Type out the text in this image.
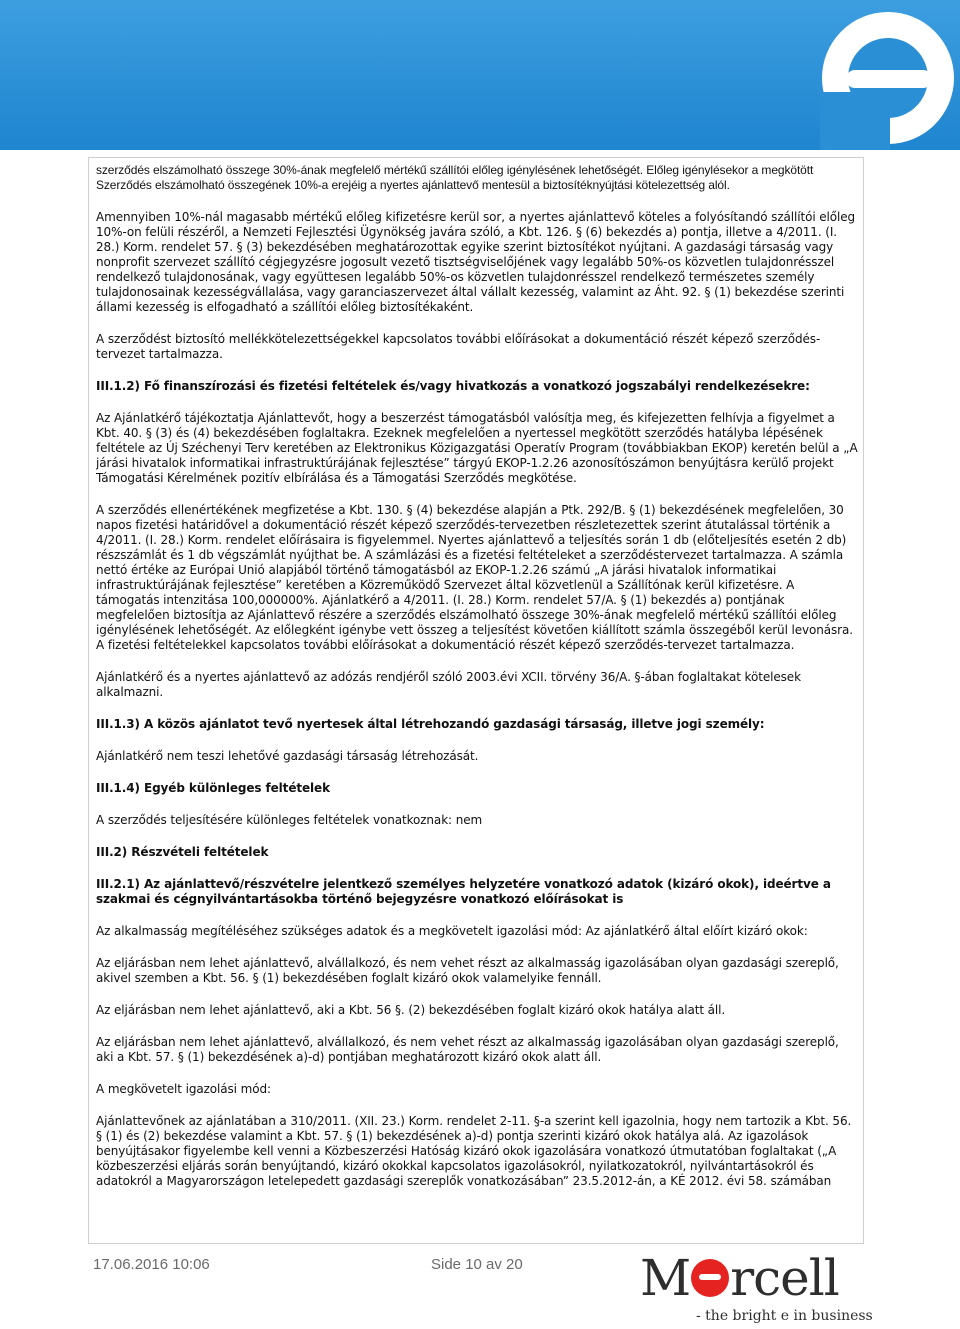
szerződés elszámolható összege 30%-ának megfelelő mértékű szállítói előleg igénylésének lehetőségét. Előleg igénylésekor a megkötött Szerződés elszámolható összegének 10%-a erejéig a nyertes ajánlattevő mentesül a biztosítéknyújtási kötelezettség alól.

Amennyiben 10%-nál magasabb mértékű előleg kifizetésre kerül sor, a nyertes ajánlattevő köteles a folyósítandó szállítói előleg 10%-on felüli részéről, a Nemzeti Fejlesztési Ügynökség javára szóló, a Kbt. 126. § (6) bekezdés a) pontja, illetve a 4/2011. (I. 28.) Korm. rendelet 57. § (3) bekezdésében meghatározottak egyike szerint biztosítékot nyújtani. A gazdasági társaság vagy nonprofit szervezet szállító cégjegyzésre jogosult vezető tisztségviselőjének vagy legalább 50%-os közvetlen tulajdonrésszel rendelkező tulajdonosának, vagy együttesen legalább 50%-os közvetlen tulajdonrésszel rendelkező természetes személy tulajdonosainak kezességvállalása, vagy garanciaszervezet által vállalt kezesség, valamint az Áht. 92. § (1) bekezdése szerinti állami kezesség is elfogadható a szállítói előleg biztosítékaként.

A szerződést biztosító mellékkötelezettségekkel kapcsolatos további előírásokat a dokumentáció részét képező szerződés-tervezet tartalmazza.

III.1.2) Fő finanszírozási és fizetési feltételek és/vagy hivatkozás a vonatkozó jogszabályi rendelkezésekre:

Az Ajánlatkérő tájékoztatja Ajánlattevőt, hogy a beszerzést támogatásból valósítja meg, és kifejezetten felhívja a figyelmet a Kbt. 40. § (3) és (4) bekezdésében foglaltakra. Ezeknek megfelelően a nyertessel megkötött szerződés hatályba lépésének feltétele az Új Széchenyi Terv keretében az Elektronikus Közigazgatási Operatív Program (továbbiakban EKOP) keretén belül a „A járási hivatalok informatikai infrastruktúrájának fejlesztése” tárgyú EKOP-1.2.26 azonosítószámon benyújtásra kerülő projekt Támogatási Kérelmének pozitív elbírálása és a Támogatási Szerződés megkötése.

A szerződés ellenértékének megfizetése a Kbt. 130. § (4) bekezdése alapján a Ptk. 292/B. § (1) bekezdésének megfelelően, 30 napos fizetési határidővel a dokumentáció részét képező szerződés-tervezetben részletezettek szerint átutalással történik a 4/2011. (I. 28.) Korm. rendelet előírásaira is figyelemmel. Nyertes ajánlattevő a teljesítés során 1 db (előteljesítés esetén 2 db) részszámlát és 1 db végszámlát nyújthat be. A számlázási és a fizetési feltételeket a szerződéstervezet tartalmazza. A számla nettó értéke az Európai Unió alapjából történő támogatásból az EKOP-1.2.26 számú „A járási hivatalok informatikai infrastruktúrájának fejlesztése” keretében a Közreműködő Szervezet által közvetlenül a Szállítónak kerül kifizetésre. A támogatás intenzitása 100,000000%. Ajánlatkérő a 4/2011. (I. 28.) Korm. rendelet 57/A. § (1) bekezdés a) pontjának megfelelően biztosítja az Ajánlattevő részére a szerződés elszámolható összege 30%-ának megfelelő mértékű szállítói előleg igénylésének lehetőségét. Az előlegként igénybe vett összeg a teljesítést követően kiállított számla összegéből kerül levonásra. A fizetési feltételekkel kapcsolatos további előírásokat a dokumentáció részét képező szerződés-tervezet tartalmazza.

Ajánlatkérő és a nyertes ajánlattevő az adózás rendjéről szóló 2003.évi XCII. törvény 36/A. §-ában foglaltakat kötelesek alkalmazni.

III.1.3) A közös ajánlatot tevő nyertesek által létrehozandó gazdasági társaság, illetve jogi személy:

Ajánlatkérő nem teszi lehetővé gazdasági társaság létrehozását.

III.1.4) Egyéb különleges feltételek

A szerződés teljesítésére különleges feltételek vonatkoznak: nem

III.2) Részvételi feltételek

III.2.1) Az ajánlattevő/részvételre jelentkező személyes helyzetére vonatkozó adatok (kizáró okok), ideértve a szakmai és cégnyilvántartásokba történő bejegyzésre vonatkozó előírásokat is

Az alkalmasság megítéléséhez szükséges adatok és a megkövetelt igazolási mód: Az ajánlatkérő által előírt kizáró okok:

Az eljárásban nem lehet ajánlattevő, alvállalkozó, és nem vehet részt az alkalmasság igazolásában olyan gazdasági szereplő, akivel szemben a Kbt. 56. § (1) bekezdésében foglalt kizáró okok valamelyike fennáll.

Az eljárásban nem lehet ajánlattevő, aki a Kbt. 56 §. (2) bekezdésében foglalt kizáró okok hatálya alatt áll.

Az eljárásban nem lehet ajánlattevő, alvállalkozó, és nem vehet részt az alkalmasság igazolásában olyan gazdasági szereplő, aki a Kbt. 57. § (1) bekezdésének a)-d) pontjában meghatározott kizáró okok alatt áll.

A megkövetelt igazolási mód:

Ajánlattevőnek az ajánlatában a 310/2011. (XII. 23.) Korm. rendelet 2-11. §-a szerint kell igazolnia, hogy nem tartozik a Kbt. 56. § (1) és (2) bekezdése valamint a Kbt. 57. § (1) bekezdésének a)-d) pontja szerinti kizáró okok hatálya alá. Az igazolások benyújtásakor figyelembe kell venni a Közbeszerzési Hatóság kizáró okok igazolására vonatkozó útmutatóban foglaltakat („A közbeszerzési eljárás során benyújtandó, kizáró okokkal kapcsolatos igazolásokról, nyilatkozatokról, nyilvántartásokról és adatokról a Magyarországon letelepedett gazdasági szereplők vonatkozásában” 23.5.2012-án, a KÉ 2012. évi 58. számában

17.06.2016 10:06	Side 10 av 20 M rcell
- the bright e in business
